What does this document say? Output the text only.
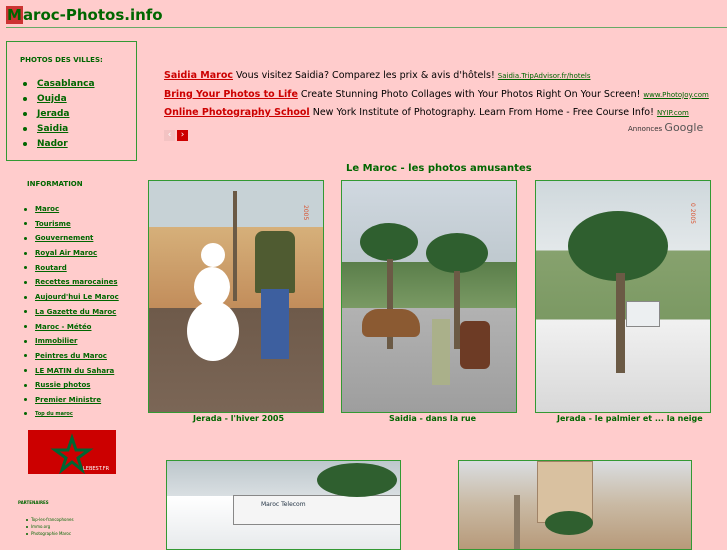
Maroc-Photos.info
PHOTOS DES VILLES:
Casablanca
Oujda
Jerada
Saidia
Nador
INFORMATION
Maroc
Tourisme
Gouvernement
Royal Air Maroc
Routard
Recettes marocaines
Aujourd'hui Le Maroc
La Gazette du Maroc
Maroc - Météo
Immobilier
Peintres du Maroc
LE MATIN du Sahara
Russie photos
Premier Ministre
Top du maroc
LEBEST.FR
PARTENAIRES
Top-les-francophones
Immo.org
Photographie Maroc
Saidia Maroc Vous visitez Saidia? Comparez les prix & avis d'hôtels! Saidia.TripAdvisor.fr/hotels
Bring Your Photos to Life Create Stunning Photo Collages with Your Photos Right On Your Screen! www.PhotoJoy.com
Online Photography School New York Institute of Photography. Learn From Home - Free Course Info! NYIP.com
‹ ›
Annonces Google
Le Maroc - les photos amusantes
2005
Jerada - l'hiver 2005	Saidia - dans la rue
0 2005
Jerada - le palmier et ... la neige
Maroc Telecom
